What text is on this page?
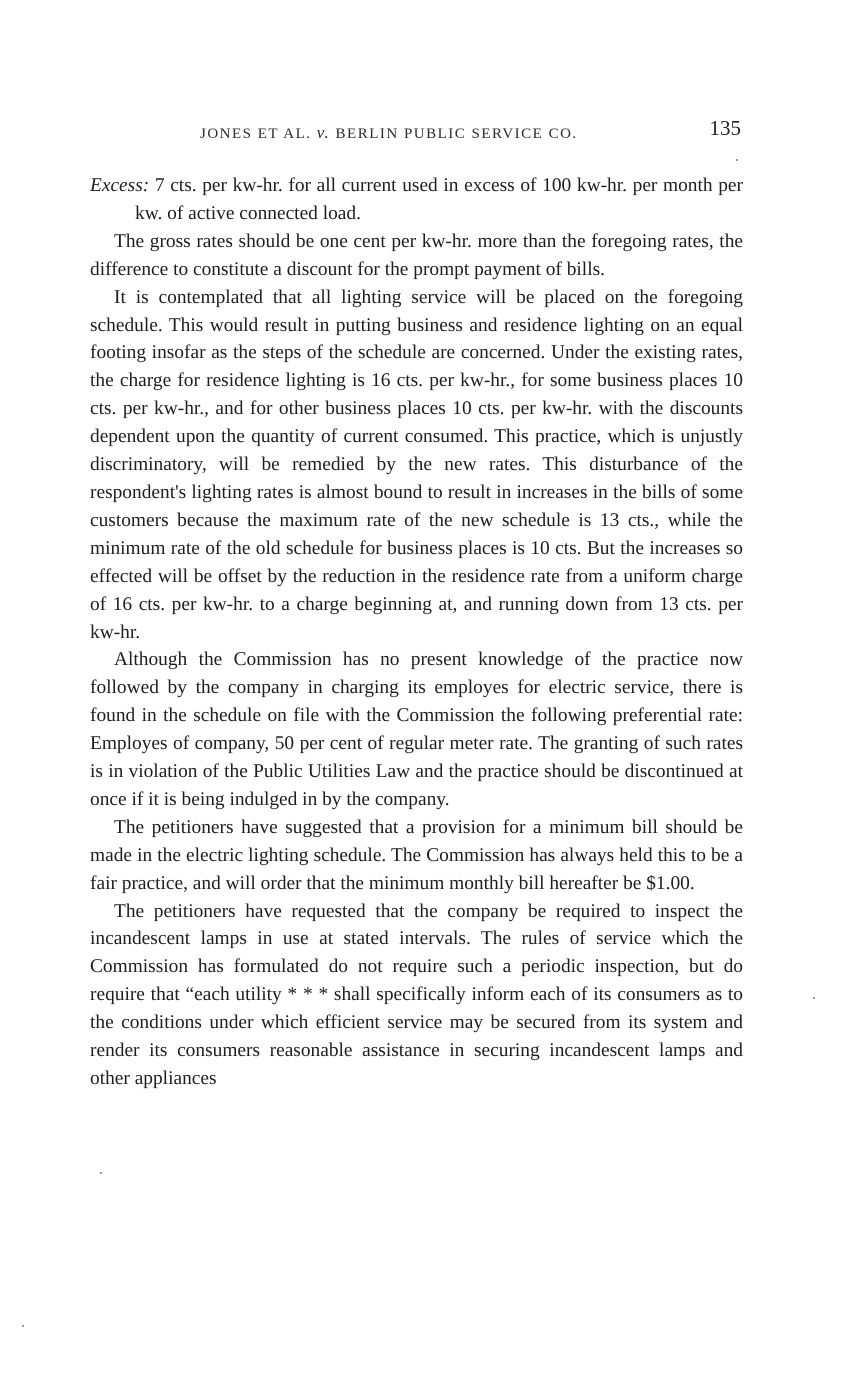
JONES ET AL. v. BERLIN PUBLIC SERVICE CO.	135

Excess: 7 cts. per kw-hr. for all current used in excess of 100 kw-hr. per month per kw. of active connected load.

The gross rates should be one cent per kw-hr. more than the foregoing rates, the difference to constitute a discount for the prompt payment of bills.

It is contemplated that all lighting service will be placed on the foregoing schedule. This would result in putting business and residence lighting on an equal footing insofar as the steps of the schedule are concerned. Under the existing rates, the charge for residence lighting is 16 cts. per kw-hr., for some business places 10 cts. per kw-hr., and for other business places 10 cts. per kw-hr. with the discounts dependent upon the quantity of current consumed. This practice, which is unjustly discriminatory, will be remedied by the new rates. This disturbance of the respondent's lighting rates is almost bound to result in increases in the bills of some customers because the maximum rate of the new schedule is 13 cts., while the minimum rate of the old schedule for business places is 10 cts. But the increases so effected will be offset by the reduction in the residence rate from a uniform charge of 16 cts. per kw-hr. to a charge beginning at, and running down from 13 cts. per kw-hr.

Although the Commission has no present knowledge of the practice now followed by the company in charging its employes for electric service, there is found in the schedule on file with the Commission the following preferential rate: Employes of company, 50 per cent of regular meter rate. The granting of such rates is in violation of the Public Utilities Law and the practice should be discontinued at once if it is being indulged in by the company.

The petitioners have suggested that a provision for a minimum bill should be made in the electric lighting schedule. The Commission has always held this to be a fair practice, and will order that the minimum monthly bill hereafter be $1.00.

The petitioners have requested that the company be required to inspect the incandescent lamps in use at stated intervals. The rules of service which the Commission has formulated do not require such a periodic inspection, but do require that “each utility * * * shall specifically inform each of its consumers as to the conditions under which efficient service may be secured from its system and render its consumers reasonable assistance in securing incandescent lamps and other appliances
